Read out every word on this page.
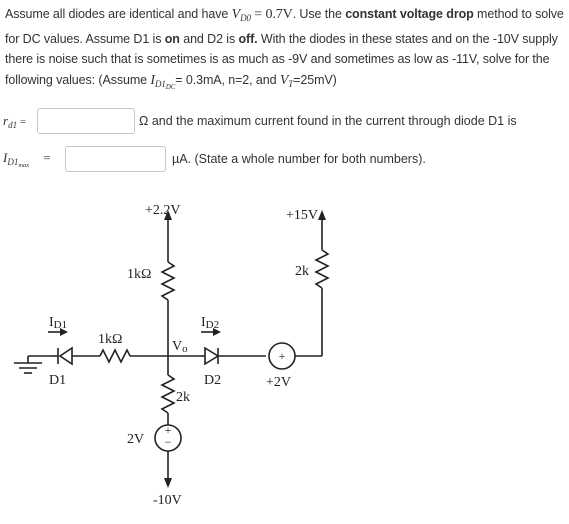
Assume all diodes are identical and have $V_{D0} = 0.7V$. Use the constant voltage drop method to solve for DC values. Assume D1 is on and D2 is off. With the diodes in these states and on the -10V supply there is noise such that is sometimes is as much as -9V and sometimes as low as -11V, solve for the following values: (Assume $I_{D1_{DC}}= 0.3mA$, n=2, and $V_T=25mV$)
$r_{d1}$ =	Ω and the maximum current found in the current through diode D1 is
$I_{D1_{max}}=$	µA. (State a whole number for both numbers).
+2.2V	+15V
1kΩ	2k
ID1	ID2
1kΩ	Vo
D1	D2	+2V
2k
2V
-10V
+
+
−
